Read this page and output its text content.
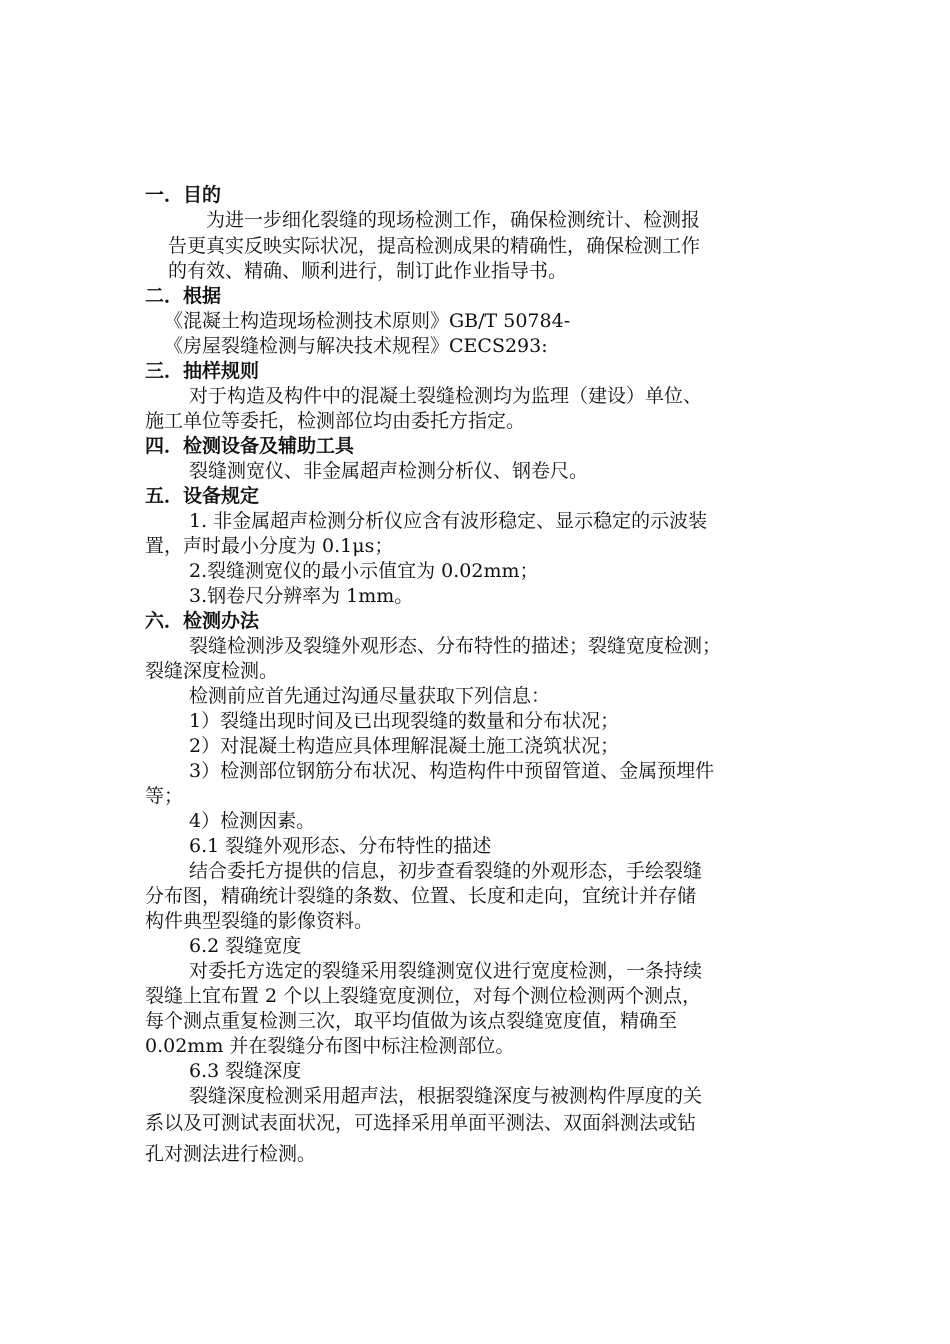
一．目的
为进一步细化裂缝的现场检测工作，确保检测统计、检测报
告更真实反映实际状况，提高检测成果的精确性，确保检测工作
的有效、精确、顺利进行，制订此作业指导书。
二．根据
《混凝土构造现场检测技术原则》GB/T 50784-
《房屋裂缝检测与解决技术规程》CECS293:
三．抽样规则
对于构造及构件中的混凝土裂缝检测均为监理（建设）单位、
施工单位等委托，检测部位均由委托方指定。
四．检测设备及辅助工具
裂缝测宽仪、非金属超声检测分析仪、钢卷尺。
五．设备规定
1. 非金属超声检测分析仪应含有波形稳定、显示稳定的示波装
置，声时最小分度为 0.1μs；
2.裂缝测宽仪的最小示值宜为 0.02mm；
3.钢卷尺分辨率为 1mm。
六．检测办法
裂缝检测涉及裂缝外观形态、分布特性的描述；裂缝宽度检测；
裂缝深度检测。
检测前应首先通过沟通尽量获取下列信息：
1）裂缝出现时间及已出现裂缝的数量和分布状况；
2）对混凝土构造应具体理解混凝土施工浇筑状况；
3）检测部位钢筋分布状况、构造构件中预留管道、金属预埋件
等；
4）检测因素。
6.1 裂缝外观形态、分布特性的描述
结合委托方提供的信息，初步查看裂缝的外观形态，手绘裂缝
分布图，精确统计裂缝的条数、位置、长度和走向，宜统计并存储
构件典型裂缝的影像资料。
6.2 裂缝宽度
对委托方选定的裂缝采用裂缝测宽仪进行宽度检测，一条持续
裂缝上宜布置 2 个以上裂缝宽度测位，对每个测位检测两个测点，
每个测点重复检测三次，取平均值做为该点裂缝宽度值，精确至
0.02mm 并在裂缝分布图中标注检测部位。
6.3 裂缝深度
裂缝深度检测采用超声法，根据裂缝深度与被测构件厚度的关
系以及可测试表面状况，可选择采用单面平测法、双面斜测法或钻
孔对测法进行检测。
